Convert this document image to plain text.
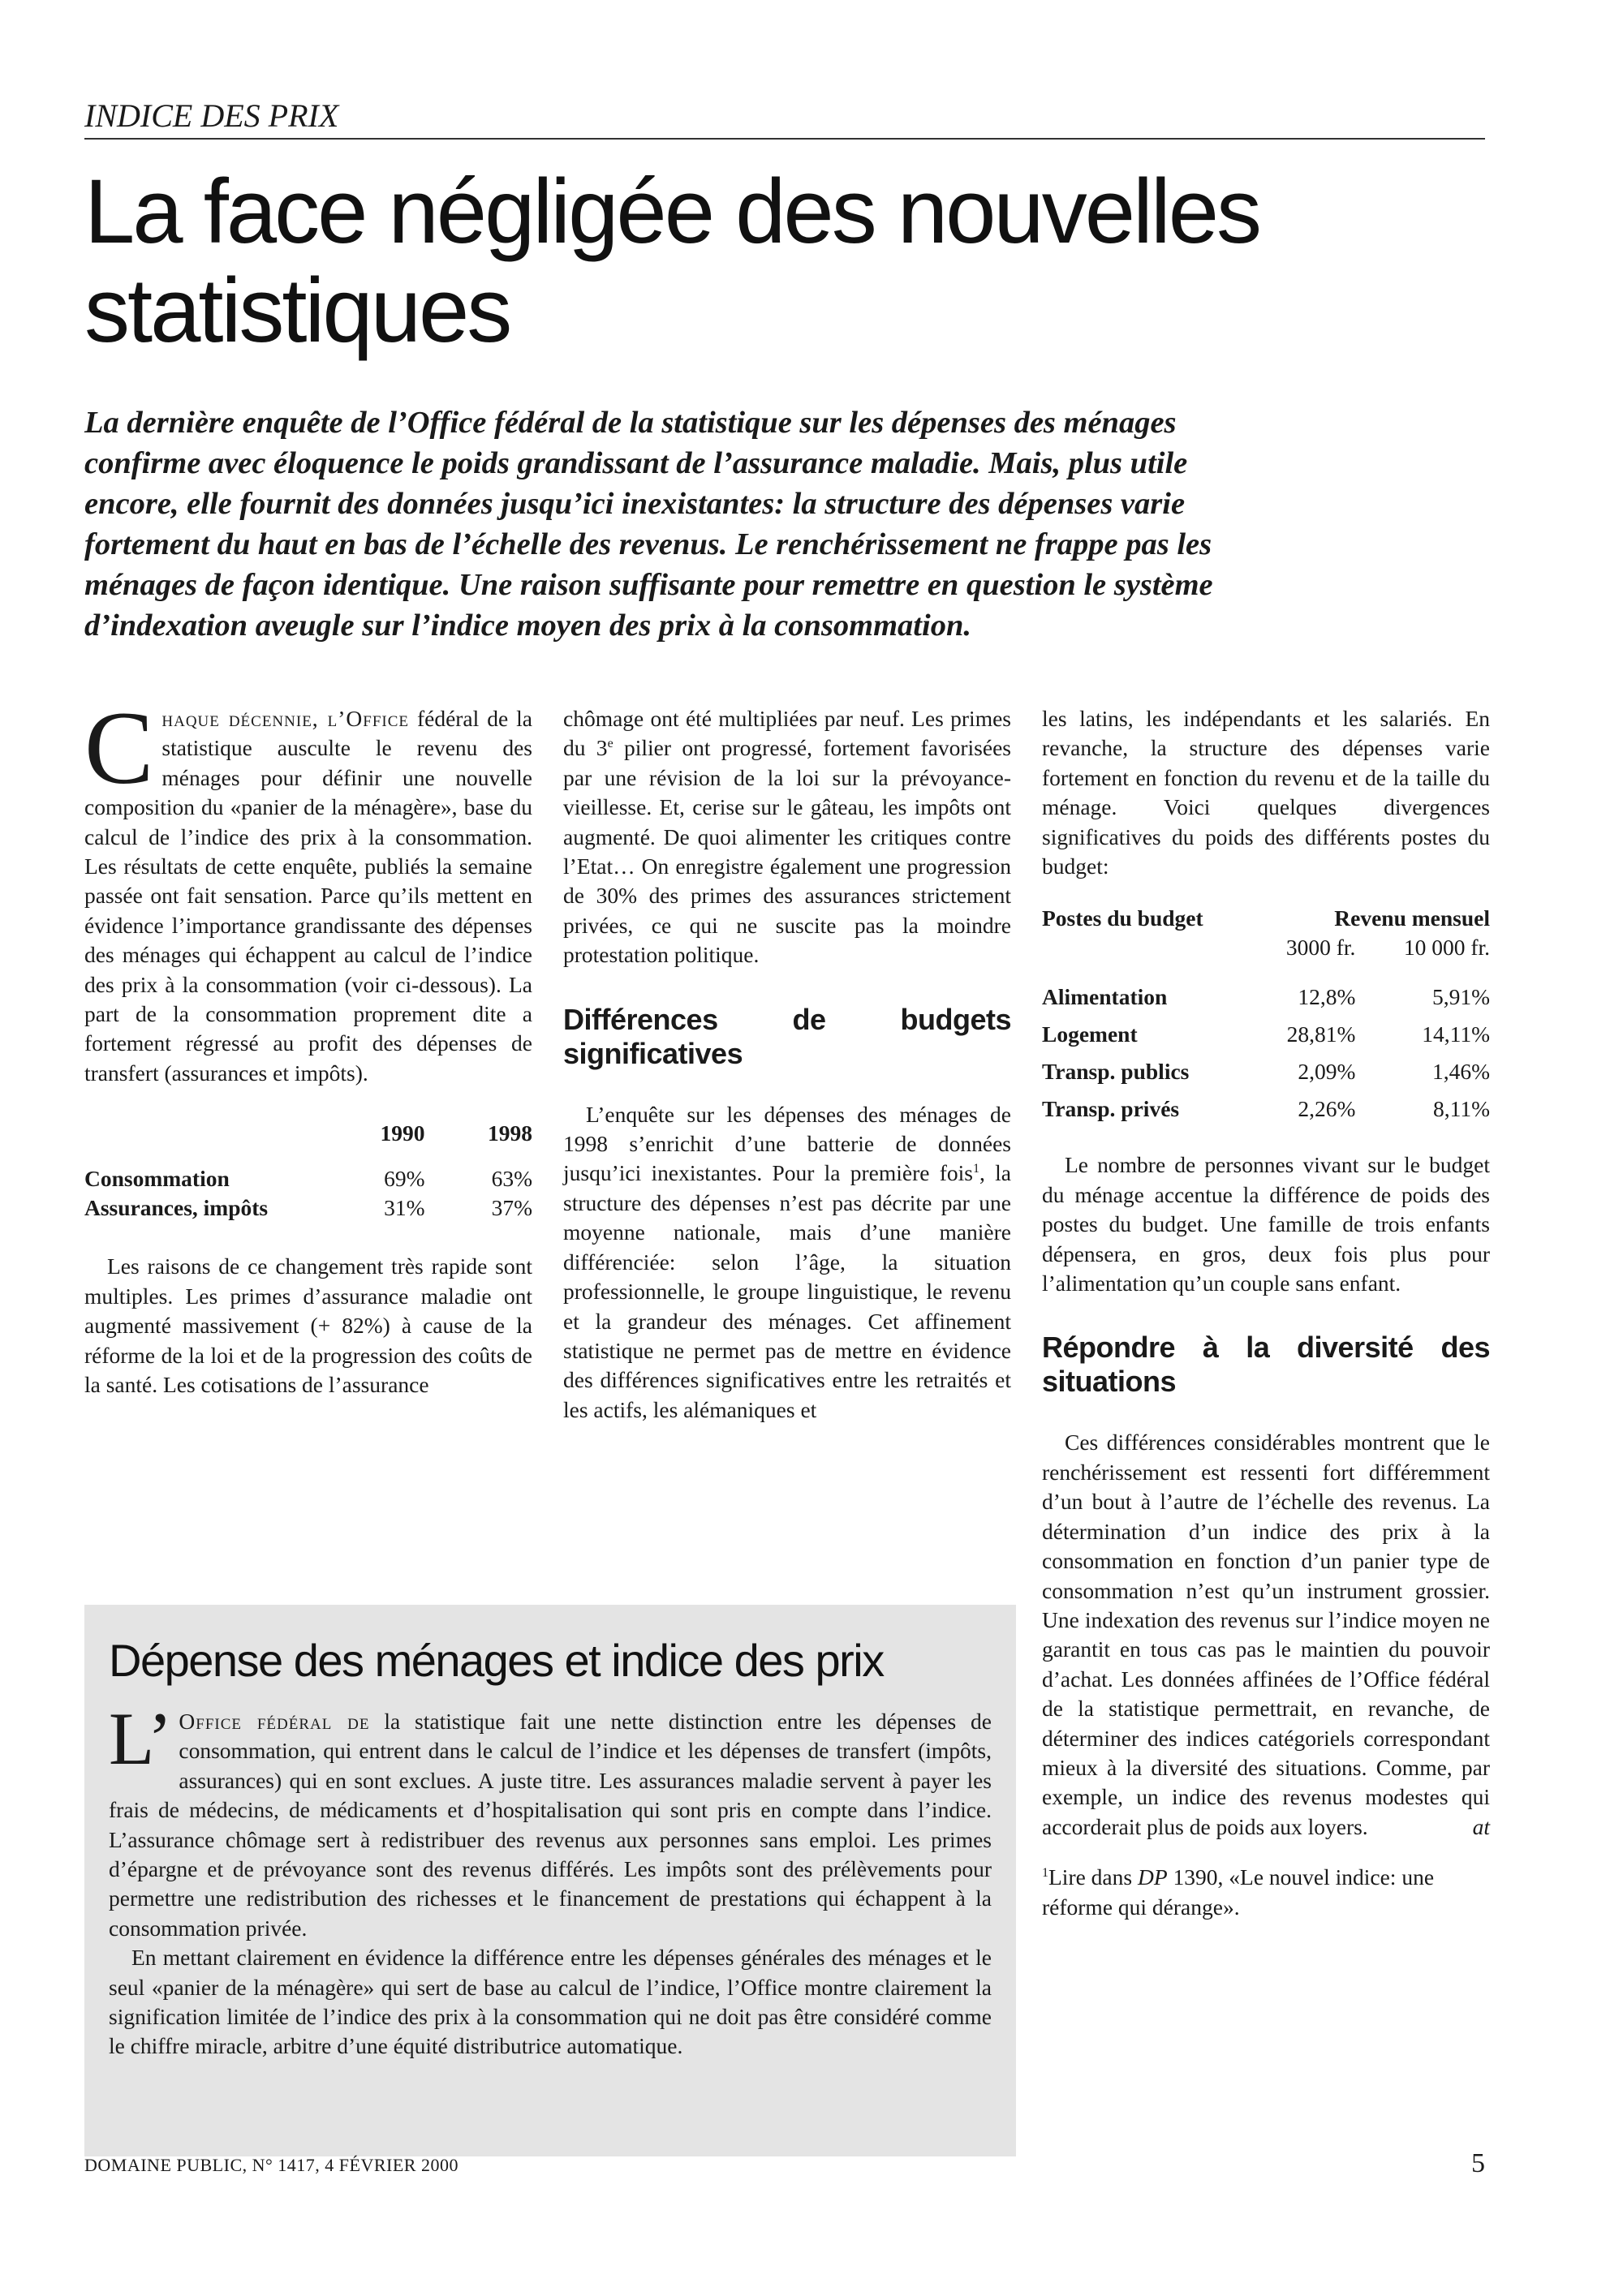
INDICE DES PRIX
La face négligée des nouvelles statistiques
La dernière enquête de l’Office fédéral de la statistique sur les dépenses des ménages confirme avec éloquence le poids grandissant de l’assurance maladie. Mais, plus utile encore, elle fournit des données jusqu’ici inexistantes: la structure des dépenses varie fortement du haut en bas de l’échelle des revenus. Le renchérissement ne frappe pas les ménages de façon identique. Une raison suffisante pour remettre en question le système d’indexation aveugle sur l’indice moyen des prix à la consommation.

Chaque décennie, l’Office fédéral de la statistique ausculte le revenu des ménages pour définir une nouvelle composition du «panier de la ménagère», base du calcul de l’indice des prix à la consommation. Les résultats de cette enquête, publiés la semaine passée ont fait sensation. Parce qu’ils mettent en évidence l’importance grandissante des dépenses des ménages qui échappent au calcul de l’indice des prix à la consommation (voir ci-dessous). La part de la consommation proprement dite a fortement régressé au profit des dépenses de transfert (assurances et impôts).

	1990	1998
Consommation	69%	63%
Assurances, impôts	31%	37%

Les raisons de ce changement très rapide sont multiples. Les primes d’assurance maladie ont augmenté massivement (+ 82%) à cause de la réforme de la loi et de la progression des coûts de la santé. Les cotisations de l’assurance

chômage ont été multipliées par neuf. Les primes du 3e pilier ont progressé, fortement favorisées par une révision de la loi sur la prévoyance-vieillesse. Et, cerise sur le gâteau, les impôts ont augmenté. De quoi alimenter les critiques contre l’Etat… On enregistre également une progression de 30% des primes des assurances strictement privées, ce qui ne suscite pas la moindre protestation politique.

Différences de budgets significatives

L’enquête sur les dépenses des ménages de 1998 s’enrichit d’une batterie de données jusqu’ici inexistantes. Pour la première fois$^1$, la structure des dépenses n’est pas décrite par une moyenne nationale, mais d’une manière différenciée: selon l’âge, la situation professionnelle, le groupe linguistique, le revenu et la grandeur des ménages. Cet affinement statistique ne permet pas de mettre en évidence des différences significatives entre les retraités et les actifs, les alémaniques et

les latins, les indépendants et les salariés. En revanche, la structure des dépenses varie fortement en fonction du revenu et de la taille du ménage. Voici quelques divergences significatives du poids des différents postes du budget:

Postes du budget	Revenu mensuel	
	3000 fr.	10 000 fr.
Alimentation	12,8%	5,91%
Logement	28,81%	14,11%
Transp. publics	2,09%	1,46%
Transp. privés	2,26%	8,11%

Le nombre de personnes vivant sur le budget du ménage accentue la différence de poids des postes du budget. Une famille de trois enfants dépensera, en gros, deux fois plus pour l’alimentation qu’un couple sans enfant.

Répondre à la diversité des situations

Ces différences considérables montrent que le renchérissement est ressenti fort différemment d’un bout à l’autre de l’échelle des revenus. La détermination d’un indice des prix à la consommation en fonction d’un panier type de consommation n’est qu’un instrument grossier. Une indexation des revenus sur l’indice moyen ne garantit en tous cas pas le maintien du pouvoir d’achat. Les données affinées de l’Office fédéral de la statistique permettrait, en revanche, de déterminer des indices catégoriels correspondant mieux à la diversité des situations. Comme, par exemple, un indice des revenus modestes qui accorderait plus de poids aux loyers.	at

$^1$Lire dans DP 1390, «Le nouvel indice: une réforme qui dérange».

Dépense des ménages et indice des prix

L’ Office fédéral de la statistique fait une nette distinction entre les dépenses de consommation, qui entrent dans le calcul de l’indice et les dépenses de transfert (impôts, assurances) qui en sont exclues. A juste titre. Les assurances maladie servent à payer les frais de médecins, de médicaments et d’hospitalisation qui sont pris en compte dans l’indice. L’assurance chômage sert à redistribuer des revenus aux personnes sans emploi. Les primes d’épargne et de prévoyance sont des revenus différés. Les impôts sont des prélèvements pour permettre une redistribution des richesses et le financement de prestations qui échappent à la consommation privée.

En mettant clairement en évidence la différence entre les dépenses générales des ménages et le seul «panier de la ménagère» qui sert de base au calcul de l’indice, l’Office montre clairement la signification limitée de l’indice des prix à la consommation qui ne doit pas être considéré comme le chiffre miracle, arbitre d’une équité distributrice automatique.

DOMAINE PUBLIC, N° 1417, 4 FÉVRIER 2000	5
